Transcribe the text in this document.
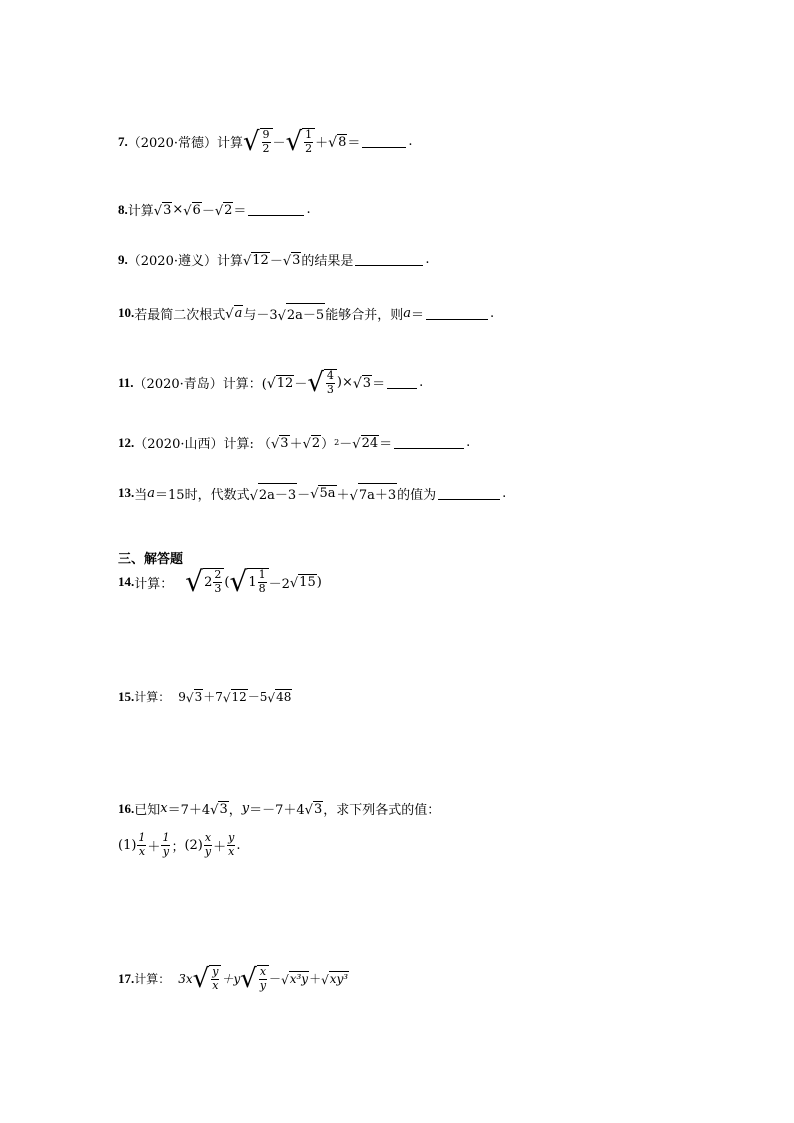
7. （2020·常德）计算 √ $\frac{9}{2}$ － √ $\frac{1}{2}$ ＋ √ 8 ＝	.
8. 计算 √ 3 × √ 6 － √ 2 ＝	.
9. （2020·遵义）计算 √ 12 － √ 3 的结果是	.
10. 若最简二次根式 √ a 与－3 √ 2a－5 能够合并，则 a ＝	.
11. （2020·青岛）计算：( √ 12 － √ $\frac{4}{3}$ )× √ 3 ＝	.
12. （2020·山西）计算: （ √ 3 ＋ √ 2 ） 2 － √ 24 ＝	.
13. 当 a ＝15时，代数式 √ 2a－3 － √ 5a ＋ √ 7a＋3 的值为	.
三、解答题
14. 计算： √ $2 \frac{2}{3}$ ( √ $1 \frac{1}{8} -2$ √ 15 )
15. 计算： 9 √ 3 ＋7 √ 12 －5 √ 48
16. 已知 x ＝7＋4 √ 3 ， y ＝－7＋4 √ 3 ，求下列各式的值：
$(1) \frac{1}{x} + \frac{1}{y}$ ； $(2) \frac{x}{y} + \frac{y}{x}$ .
17. 计算： 3x √ $\frac{y}{x} +y$ √ $\frac{x}{y}$ － √ x³y ＋ √ xy³
